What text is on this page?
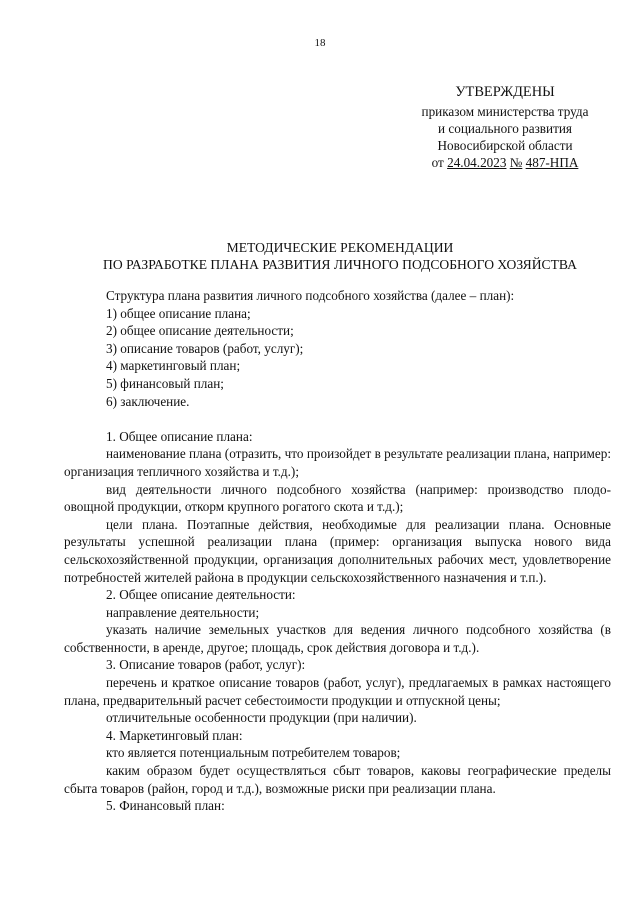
18
УТВЕРЖДЕНЫ
приказом министерства труда
и социального развития
Новосибирской области
от 24.04.2023 № 487-НПА
МЕТОДИЧЕСКИЕ РЕКОМЕНДАЦИИ
ПО РАЗРАБОТКЕ ПЛАНА РАЗВИТИЯ ЛИЧНОГО ПОДСОБНОГО ХОЗЯЙСТВА

Структура плана развития личного подсобного хозяйства (далее – план):

1) общее описание плана;

2) общее описание деятельности;

3) описание товаров (работ, услуг);

4) маркетинговый план;

5) финансовый план;

6) заключение.

1. Общее описание плана:

наименование плана (отразить, что произойдет в результате реализации плана, например: организация тепличного хозяйства и т.д.);

вид деятельности личного подсобного хозяйства (например: производство плодо-овощной продукции, откорм крупного рогатого скота и т.д.);

цели плана. Поэтапные действия, необходимые для реализации плана. Основные результаты успешной реализации плана (пример: организация выпуска нового вида сельскохозяйственной продукции, организация дополнительных рабочих мест, удовлетворение потребностей жителей района в продукции сельскохозяйственного назначения и т.п.).

2. Общее описание деятельности:

направление деятельности;

указать наличие земельных участков для ведения личного подсобного хозяйства (в собственности, в аренде, другое; площадь, срок действия договора и т.д.).

3. Описание товаров (работ, услуг):

перечень и краткое описание товаров (работ, услуг), предлагаемых в рамках настоящего плана, предварительный расчет себестоимости продукции и отпускной цены;

отличительные особенности продукции (при наличии).

4. Маркетинговый план:

кто является потенциальным потребителем товаров;

каким образом будет осуществляться сбыт товаров, каковы географические пределы сбыта товаров (район, город и т.д.), возможные риски при реализации плана.

5. Финансовый план:
